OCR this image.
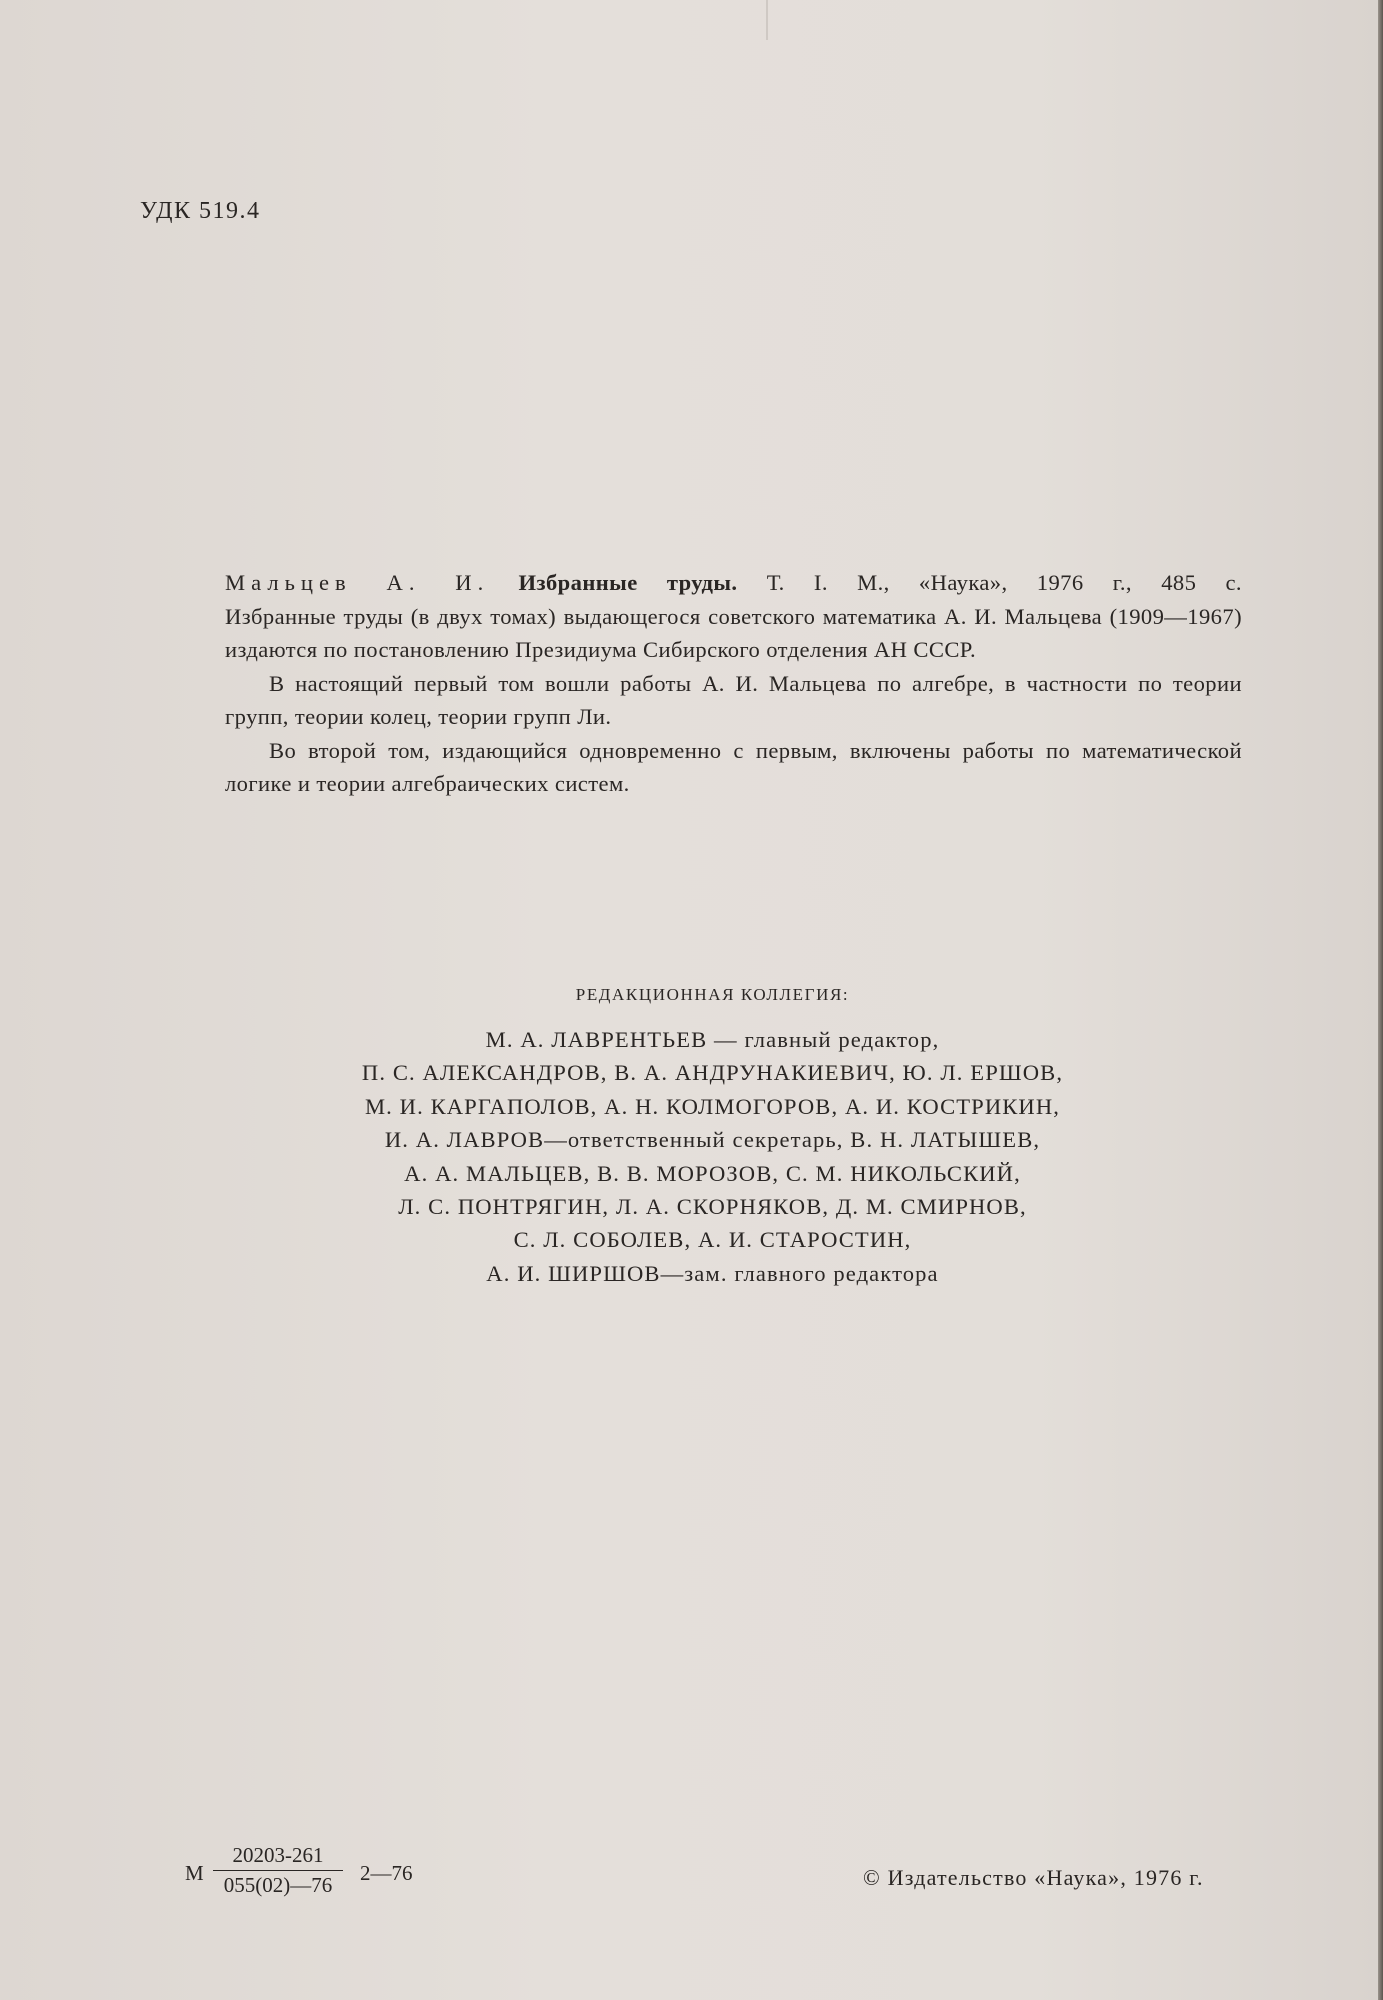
УДК 519.4

Мальцев А. И. Избранные труды. Т. I. М., «Наука», 1976 г., 485 с.

Избранные труды (в двух томах) выдающегося советского математика А. И. Мальцева (1909—1967) издаются по постановлению Президиума Сибирского отделения АН СССР.

В настоящий первый том вошли работы А. И. Мальцева по алгебре, в частности по теории групп, теории колец, теории групп Ли.

Во второй том, издающийся одновременно с первым, включены работы по математической логике и теории алгебраических систем.

РЕДАКЦИОННАЯ КОЛЛЕГИЯ:
М. А. ЛАВРЕНТЬЕВ — главный редактор,
П. С. АЛЕКСАНДРОВ, В. А. АНДРУНАКИЕВИЧ, Ю. Л. ЕРШОВ,
М. И. КАРГАПОЛОВ, А. Н. КОЛМОГОРОВ, А. И. КОСТРИКИН,
И. А. ЛАВРОВ—ответственный секретарь, В. Н. ЛАТЫШЕВ,
А. А. МАЛЬЦЕВ, В. В. МОРОЗОВ, С. М. НИКОЛЬСКИЙ,
Л. С. ПОНТРЯГИН, Л. А. СКОРНЯКОВ, Д. М. СМИРНОВ,
С. Л. СОБОЛЕВ, А. И. СТАРОСТИН,
А. И. ШИРШОВ—зам. главного редактора
М $\frac{20203-261}{055(02)—76}$ 2—76	© Издательство «Наука», 1976 г.
